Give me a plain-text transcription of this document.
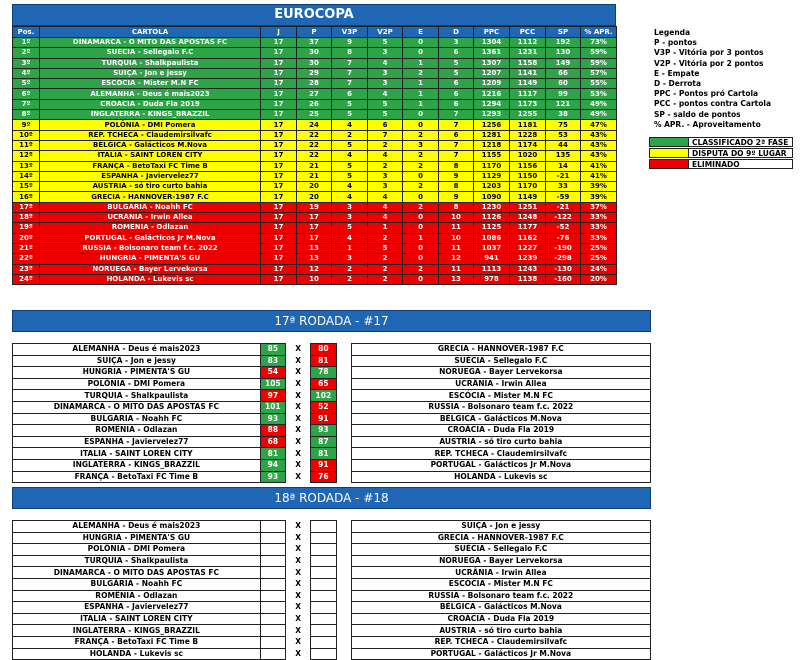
EUROCOPA
Pos.	CARTOLA	J	P	V3P	V2P	E	D	PPC	PCC	SP	% APR.
1º	DINAMARCA - O MITO DAS APOSTAS FC	17	37	9	5	0	3	1304	1112	192	73%
2º	SUÉCIA - Sellegalo F.C	17	30	8	3	0	6	1361	1231	130	59%
3º	TURQUIA - Shalkpaulista	17	30	7	4	1	5	1307	1158	149	59%
4º	SUIÇA - Jon e jessy	17	29	7	3	2	5	1207	1141	66	57%
5º	ESCÓCIA - Mister M.N FC	17	28	7	3	1	6	1209	1149	60	55%
6º	ALEMANHA - Deus é mais2023	17	27	6	4	1	6	1216	1117	99	53%
7º	CROÁCIA - Duda Fla 2019	17	26	5	5	1	6	1294	1173	121	49%
8º	INGLATERRA - KINGS_BRAZZIL	17	25	5	5	0	7	1293	1255	38	49%
9º	POLÔNIA - DMI Pomera	17	24	4	6	0	7	1256	1181	75	47%
10º	REP. TCHECA - Claudemirsilvafc	17	22	2	7	2	6	1281	1228	53	43%
11º	BÉLGICA - Galácticos M.Nova	17	22	5	2	3	7	1218	1174	44	43%
12º	ITALIA - SAINT LOREN CITY	17	22	4	4	2	7	1155	1020	135	43%
13º	FRANÇA - BetoTaxi FC Time B	17	21	5	2	2	8	1170	1156	14	41%
14º	ESPANHA - Javiervelez77	17	21	5	3	0	9	1129	1150	-21	41%
15º	AUSTRIA - só tiro curto bahia	17	20	4	3	2	8	1203	1170	33	39%
16º	GRECIA - HANNOVER-1987 F.C	17	20	4	4	0	9	1090	1149	-59	39%
17º	BULGÁRIA - Noahh FC	17	19	3	4	2	8	1230	1251	-21	37%
18º	UCRÂNIA - Irwin Allea	17	17	3	4	0	10	1126	1248	-122	33%
19º	ROMÊNIA - Odlazan	17	17	5	1	0	11	1125	1177	-52	33%
20º	PORTUGAL - Galácticos Jr M.Nova	17	17	4	2	1	10	1086	1162	-76	33%
21º	RUSSIA - Bolsonaro team f.c. 2022	17	13	1	5	0	11	1037	1227	-190	25%
22º	HUNGRIA - PIMENTA'S GU	17	13	3	2	0	12	941	1239	-298	25%
23º	NORUEGA - Bayer Lervekorsa	17	12	2	2	2	11	1113	1243	-130	24%
24º	HOLANDA - Lukevis sc	17	10	2	2	0	13	978	1138	-160	20%
Legenda
P - pontos
V3P - Vitória por 3 pontos
V2P - Vitória por 2 pontos
E - Empate
D - Derrota
PPC - Pontos pró Cartola
PCC - pontos contra Cartola
SP - saldo de pontos
% APR. - Aproveitamento
CLASSIFICADO 2ª FASE
DISPUTA DO 9º LUGAR
ELIMINADO
17ª RODADA - #17
ALEMANHA - Deus é mais2023	85	X	80		GRECIA - HANNOVER-1987 F.C
SUIÇA - Jon e jessy	83	X	81		SUÉCIA - Sellegalo F.C
HUNGRIA - PIMENTA'S GU	54	X	78		NORUEGA - Bayer Lervekorsa
POLÔNIA - DMI Pomera	105	X	65		UCRÂNIA - Irwin Allea
TURQUIA - Shalkpaulista	97	X	102		ESCÓCIA - Mister M.N FC
DINAMARCA - O MITO DAS APOSTAS FC	101	X	52		RUSSIA - Bolsonaro team f.c. 2022
BULGÁRIA - Noahh FC	93	X	91		BÉLGICA - Galácticos M.Nova
ROMÊNIA - Odlazan	88	X	93		CROÁCIA - Duda Fla 2019
ESPANHA - Javiervelez77	68	X	87		AUSTRIA - só tiro curto bahia
ITALIA - SAINT LOREN CITY	81	X	81		REP. TCHECA - Claudemirsilvafc
INGLATERRA - KINGS_BRAZZIL	94	X	91		PORTUGAL - Galácticos Jr M.Nova
FRANÇA - BetoTaxi FC Time B	93	X	76		HOLANDA - Lukevis sc
18ª RODADA - #18
ALEMANHA - Deus é mais2023		X			SUIÇA - Jon e jessy
HUNGRIA - PIMENTA'S GU		X			GRECIA - HANNOVER-1987 F.C
POLÔNIA - DMI Pomera		X			SUÉCIA - Sellegalo F.C
TURQUIA - Shalkpaulista		X			NORUEGA - Bayer Lervekorsa
DINAMARCA - O MITO DAS APOSTAS FC		X			UCRÂNIA - Irwin Allea
BULGÁRIA - Noahh FC		X			ESCÓCIA - Mister M.N FC
ROMÊNIA - Odlazan		X			RUSSIA - Bolsonaro team f.c. 2022
ESPANHA - Javiervelez77		X			BÉLGICA - Galácticos M.Nova
ITALIA - SAINT LOREN CITY		X			CROÁCIA - Duda Fla 2019
INGLATERRA - KINGS_BRAZZIL		X			AUSTRIA - só tiro curto bahia
FRANÇA - BetoTaxi FC Time B		X			REP. TCHECA - Claudemirsilvafc
HOLANDA - Lukevis sc		X			PORTUGAL - Galácticos Jr M.Nova
